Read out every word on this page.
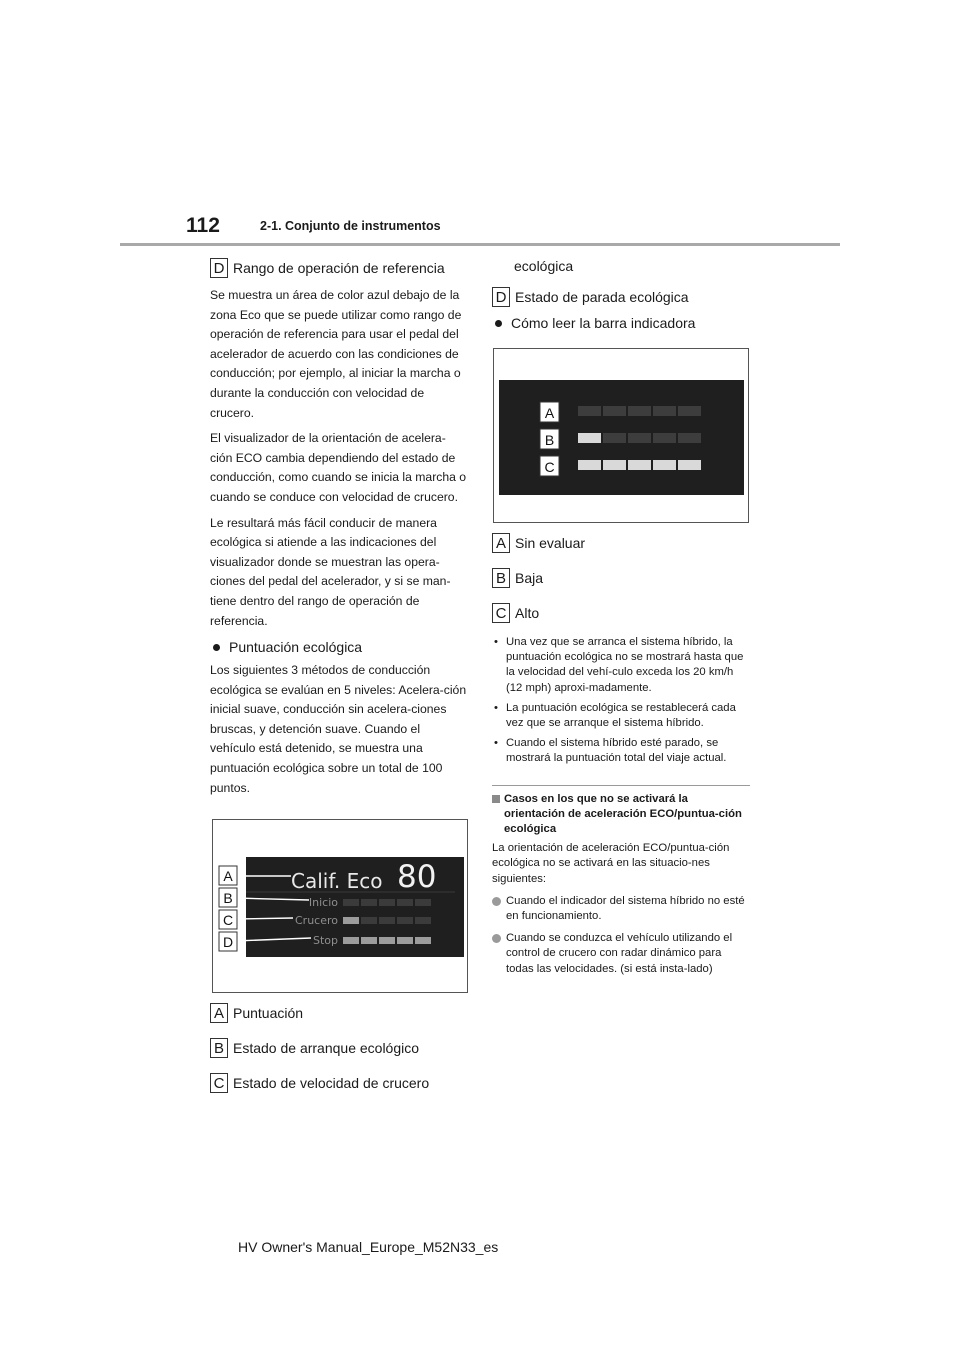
112	2-1. Conjunto de instrumentos
D Rango de operación de referencia

Se muestra un área de color azul debajo de la zona Eco que se puede utilizar como rango de operación de referencia para usar el pedal del acelerador de acuerdo con las condiciones de conducción; por ejemplo, al iniciar la marcha o durante la conducción con velocidad de crucero.

El visualizador de la orientación de acelera-ción ECO cambia dependiendo del estado de conducción, como cuando se inicia la marcha o cuando se conduce con velocidad de crucero.

Le resultará más fácil conducir de manera ecológica si atiende a las indicaciones del visualizador donde se muestran las opera-ciones del pedal del acelerador, y si se man-tiene dentro del rango de operación de referencia.

Puntuación ecológica

Los siguientes 3 métodos de conducción ecológica se evalúan en 5 niveles: Acelera-ción inicial suave, conducción sin acelera-ciones bruscas, y detención suave. Cuando el vehículo está detenido, se muestra una puntuación ecológica sobre un total de 100 puntos.

Calif. Eco 80
Inicio
Crucero
Stop
A
B
C
D
A Puntuación
B Estado de arranque ecológico
C Estado de velocidad de crucero
ecológica
D Estado de parada ecológica
Cómo leer la barra indicadora
A
B
C
A Sin evaluar
B Baja
C Alto
• Una vez que se arranca el sistema híbrido, la puntuación ecológica no se mostrará hasta que la velocidad del vehí-culo exceda los 20 km/h (12 mph) aproxi-madamente.
• La puntuación ecológica se restablecerá cada vez que se arranque el sistema híbrido.
• Cuando el sistema híbrido esté parado, se mostrará la puntuación total del viaje actual.
Casos en los que no se activará la orientación de aceleración ECO/puntua-ción ecológica

La orientación de aceleración ECO/puntua-ción ecológica no se activará en las situacio-nes siguientes:

Cuando el indicador del sistema híbrido no esté en funcionamiento.
Cuando se conduzca el vehículo utilizando el control de crucero con radar dinámico para todas las velocidades. (si está insta-lado)
HV Owner's Manual_Europe_M52N33_es
